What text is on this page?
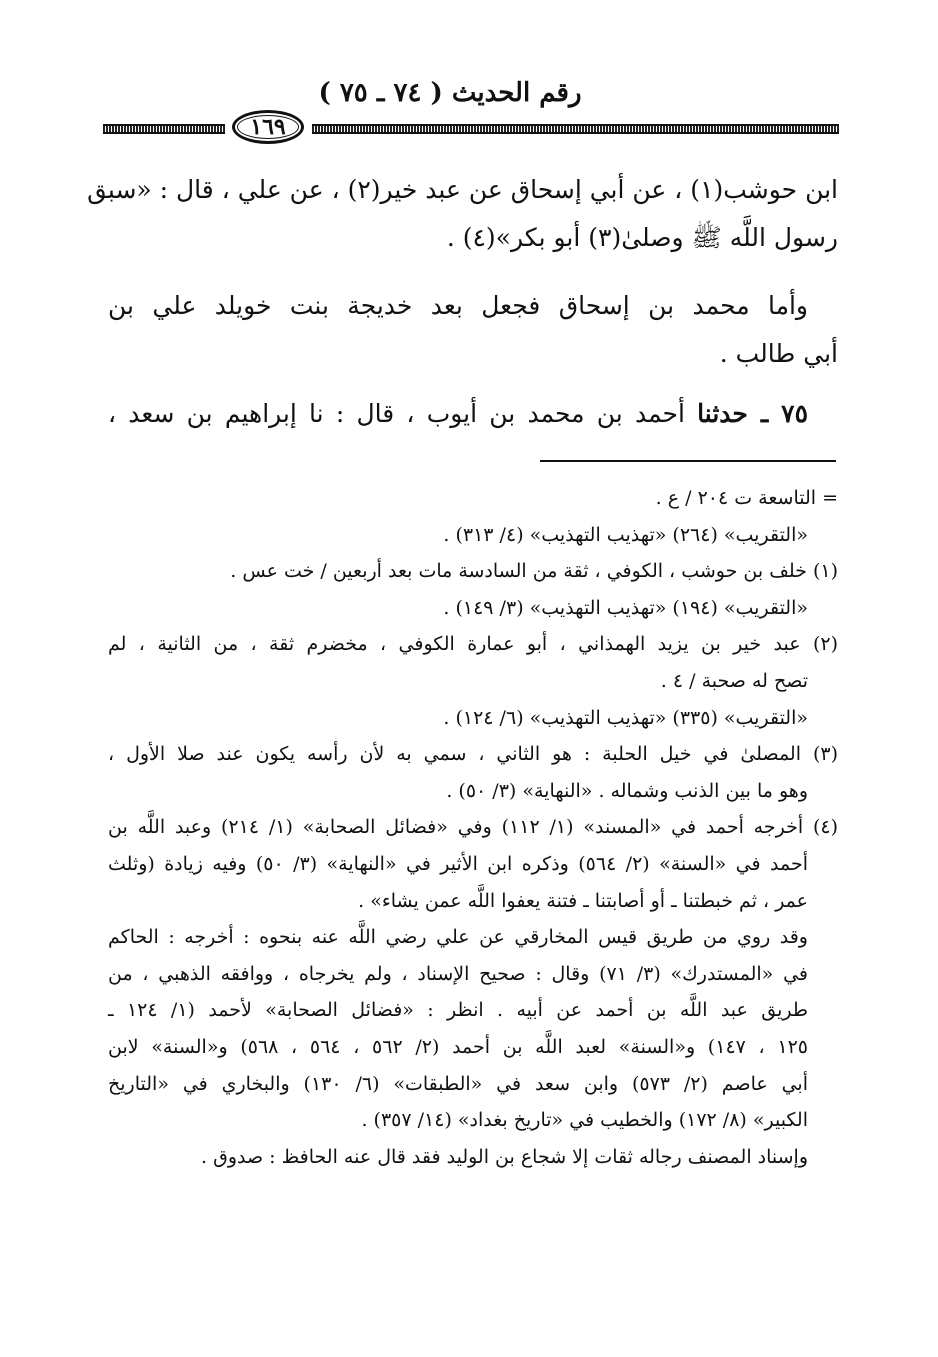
رقم الحديث ( ٧٤ ـ ٧٥ )
١٦٩
ابن حوشب(١) ، عن أبي إسحاق عن عبد خير(٢) ، عن علي ، قال : «سبق
رسول اللَّه ﷺ وصلىٰ(٣) أبو بكر»(٤) .
وأما محمد بن إسحاق فجعل بعد خديجة بنت خويلد علي بن
أبي طالب .
٧٥ ـ حدثنا أحمد بن محمد بن أيوب ، قال : نا إبراهيم بن سعد ،
= التاسعة ت ٢٠٤ / ع .
«التقريب» (٢٦٤) «تهذيب التهذيب» (٤/ ٣١٣) .
(١) خلف بن حوشب ، الكوفي ، ثقة من السادسة مات بعد أربعين / خت عس .
«التقريب» (١٩٤) «تهذيب التهذيب» (٣/ ١٤٩) .
(٢) عبد خير بن يزيد الهمذاني ، أبو عمارة الكوفي ، مخضرم ثقة ، من الثانية ، لم
تصح له صحبة / ٤ .
«التقريب» (٣٣٥) «تهذيب التهذيب» (٦/ ١٢٤) .
(٣) المصلىٰ في خيل الحلبة : هو الثاني ، سمي به لأن رأسه يكون عند صلا الأول ،
وهو ما بين الذنب وشماله . «النهاية» (٣/ ٥٠) .
(٤) أخرجه أحمد في «المسند» (١/ ١١٢) وفي «فضائل الصحابة» (١/ ٢١٤) وعبد اللَّه بن
أحمد في «السنة» (٢/ ٥٦٤) وذكره ابن الأثير في «النهاية» (٣/ ٥٠) وفيه زيادة (وثلث
عمر ، ثم خبطتنا ـ أو أصابتنا ـ فتنة يعفوا اللَّه عمن يشاء» .
وقد روي من طريق قيس المخارقي عن علي رضي اللَّه عنه بنحوه : أخرجه : الحاكم
في «المستدرك» (٣/ ٧١) وقال : صحيح الإسناد ، ولم يخرجاه ، ووافقه الذهبي ، من
طريق عبد اللَّه بن أحمد عن أبيه . انظر : «فضائل الصحابة» لأحمد (١/ ١٢٤ ـ
١٢٥ ، ١٤٧) و«السنة» لعبد اللَّه بن أحمد (٢/ ٥٦٢ ، ٥٦٤ ، ٥٦٨) و«السنة» لابن
أبي عاصم (٢/ ٥٧٣) وابن سعد في «الطبقات» (٦/ ١٣٠) والبخاري في «التاريخ
الكبير» (٨/ ١٧٢) والخطيب في «تاريخ بغداد» (١٤/ ٣٥٧) .
وإسناد المصنف رجاله ثقات إلا شجاع بن الوليد فقد قال عنه الحافظ : صدوق .
